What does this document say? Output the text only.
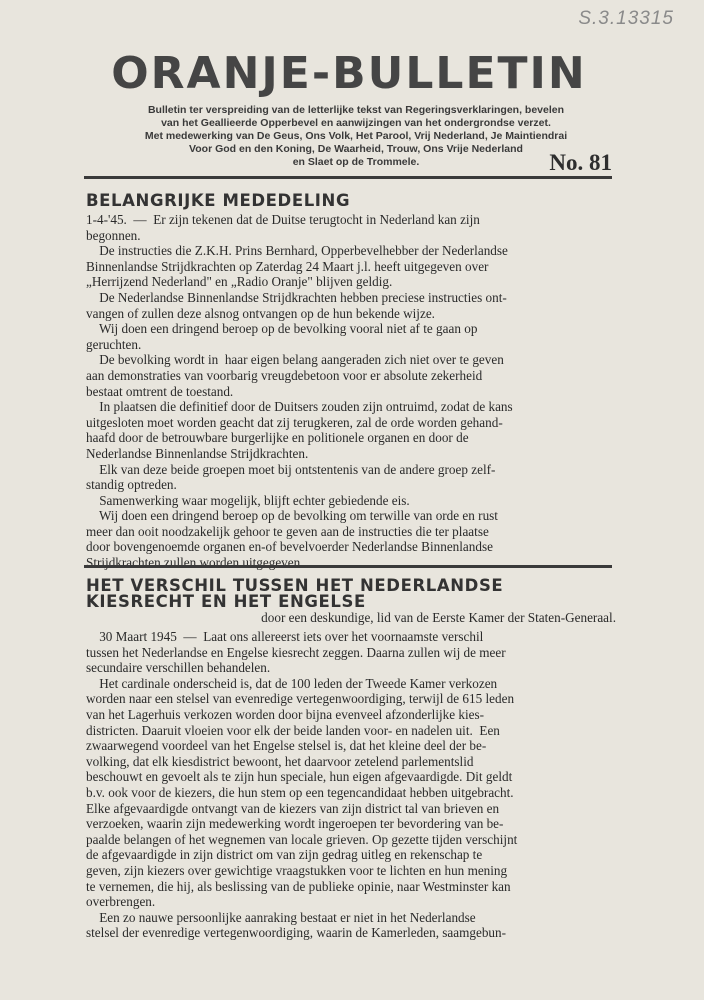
S.3.13315
ORANJE-BULLETIN
Bulletin ter verspreiding van de letterlijke tekst van Regeringsverklaringen, bevelen
van het Geallieerde Opperbevel en aanwijzingen van het ondergrondse verzet.
Met medewerking van De Geus, Ons Volk, Het Parool, Vrij Nederland, Je Maintiendrai
Voor God en den Koning, De Waarheid, Trouw, Ons Vrije Nederland
en Slaet op de Trommele.	No. 81
BELANGRIJKE MEDEDELING
1-4-'45.  —  Er zijn tekenen dat de Duitse terugtocht in Nederland kan zijn
begonnen.
De instructies die Z.K.H. Prins Bernhard, Opperbevelhebber der Nederlandse
Binnenlandse Strijdkrachten op Zaterdag 24 Maart j.l. heeft uitgegeven over
„Herrijzend Nederland" en „Radio Oranje" blijven geldig.
De Nederlandse Binnenlandse Strijdkrachten hebben preciese instructies ont-
vangen of zullen deze alsnog ontvangen op de hun bekende wijze.
Wij doen een dringend beroep op de bevolking vooral niet af te gaan op
geruchten.
De bevolking wordt in  haar eigen belang aangeraden zich niet over te geven
aan demonstraties van voorbarig vreugdebetoon voor er absolute zekerheid
bestaat omtrent de toestand.
In plaatsen die definitief door de Duitsers zouden zijn ontruimd, zodat de kans
uitgesloten moet worden geacht dat zij terugkeren, zal de orde worden gehand-
haafd door de betrouwbare burgerlijke en politionele organen en door de
Nederlandse Binnenlandse Strijdkrachten.
Elk van deze beide groepen moet bij ontstentenis van de andere groep zelf-
standig optreden.
Samenwerking waar mogelijk, blijft echter gebiedende eis.
Wij doen een dringend beroep op de bevolking om terwille van orde en rust
meer dan ooit noodzakelijk gehoor te geven aan de instructies die ter plaatse
door bovengenoemde organen en-of bevelvoerder Nederlandse Binnenlandse
Strijdkrachten zullen worden uitgegeven.
HET VERSCHIL TUSSEN HET NEDERLANDSE
KIESRECHT EN HET ENGELSE
door een deskundige, lid van de Eerste Kamer der Staten-Generaal.
30 Maart 1945  —  Laat ons allereerst iets over het voornaamste verschil
tussen het Nederlandse en Engelse kiesrecht zeggen. Daarna zullen wij de meer
secundaire verschillen behandelen.
Het cardinale onderscheid is, dat de 100 leden der Tweede Kamer verkozen
worden naar een stelsel van evenredige vertegenwoordiging, terwijl de 615 leden
van het Lagerhuis verkozen worden door bijna evenveel afzonderlijke kies-
districten. Daaruit vloeien voor elk der beide landen voor- en nadelen uit.  Een
zwaarwegend voordeel van het Engelse stelsel is, dat het kleine deel der be-
volking, dat elk kiesdistrict bewoont, het daarvoor zetelend parlementslid
beschouwt en gevoelt als te zijn hun speciale, hun eigen afgevaardigde. Dit geldt
b.v. ook voor de kiezers, die hun stem op een tegencandidaat hebben uitgebracht.
Elke afgevaardigde ontvangt van de kiezers van zijn district tal van brieven en
verzoeken, waarin zijn medewerking wordt ingeroepen ter bevordering van be-
paalde belangen of het wegnemen van locale grieven. Op gezette tijden verschijnt
de afgevaardigde in zijn district om van zijn gedrag uitleg en rekenschap te
geven, zijn kiezers over gewichtige vraagstukken voor te lichten en hun mening
te vernemen, die hij, als beslissing van de publieke opinie, naar Westminster kan
overbrengen.
Een zo nauwe persoonlijke aanraking bestaat er niet in het Nederlandse
stelsel der evenredige vertegenwoordiging, waarin de Kamerleden, saamgebun-
